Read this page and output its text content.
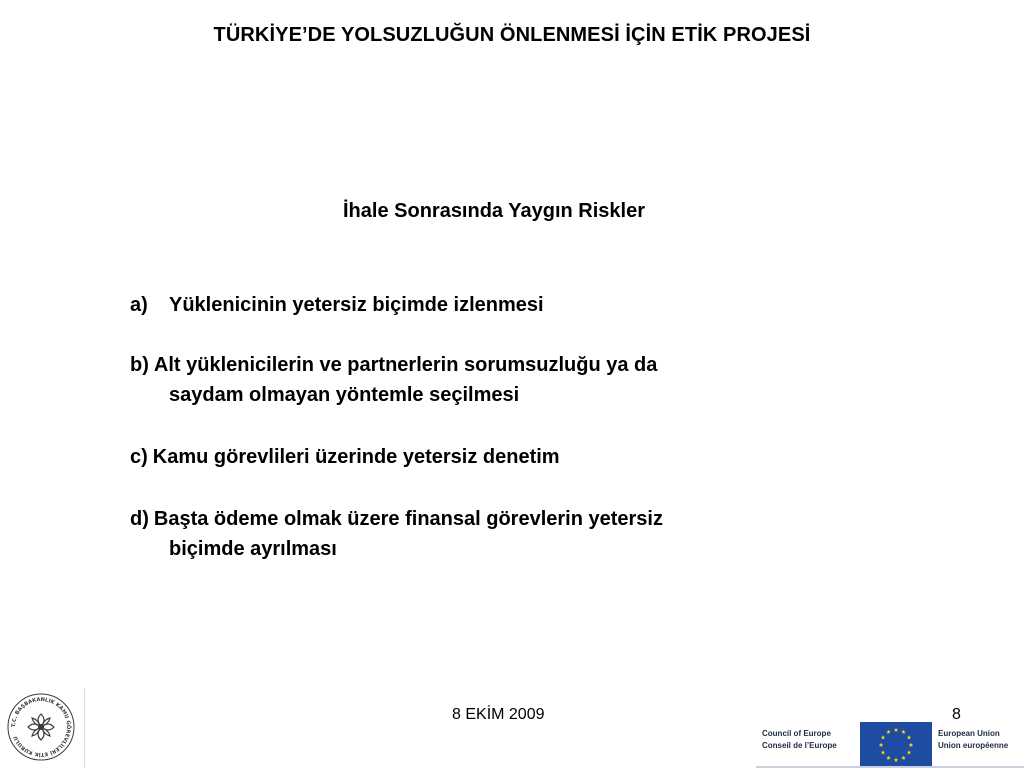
TÜRKİYE’DE YOLSUZLUĞUN ÖNLENMESİ İÇİN ETİK PROJESİ
İhale Sonrasında Yaygın Riskler
a) Yüklenicinin yetersiz biçimde izlenmesi
b) Alt yüklenicilerin ve partnerlerin sorumsuzluğu ya da
saydam olmayan yöntemle seçilmesi
c) Kamu görevlileri üzerinde yetersiz denetim
d) Başta ödeme olmak üzere finansal görevlerin yetersiz
biçimde ayrılması
8 EKİM 2009	8
T.C. BAŞBAKANLIK KAMU GÖREVLİLERİ ETİK KURULU
Council of Europe
Conseil de l’Europe
European Union
Union européenne
